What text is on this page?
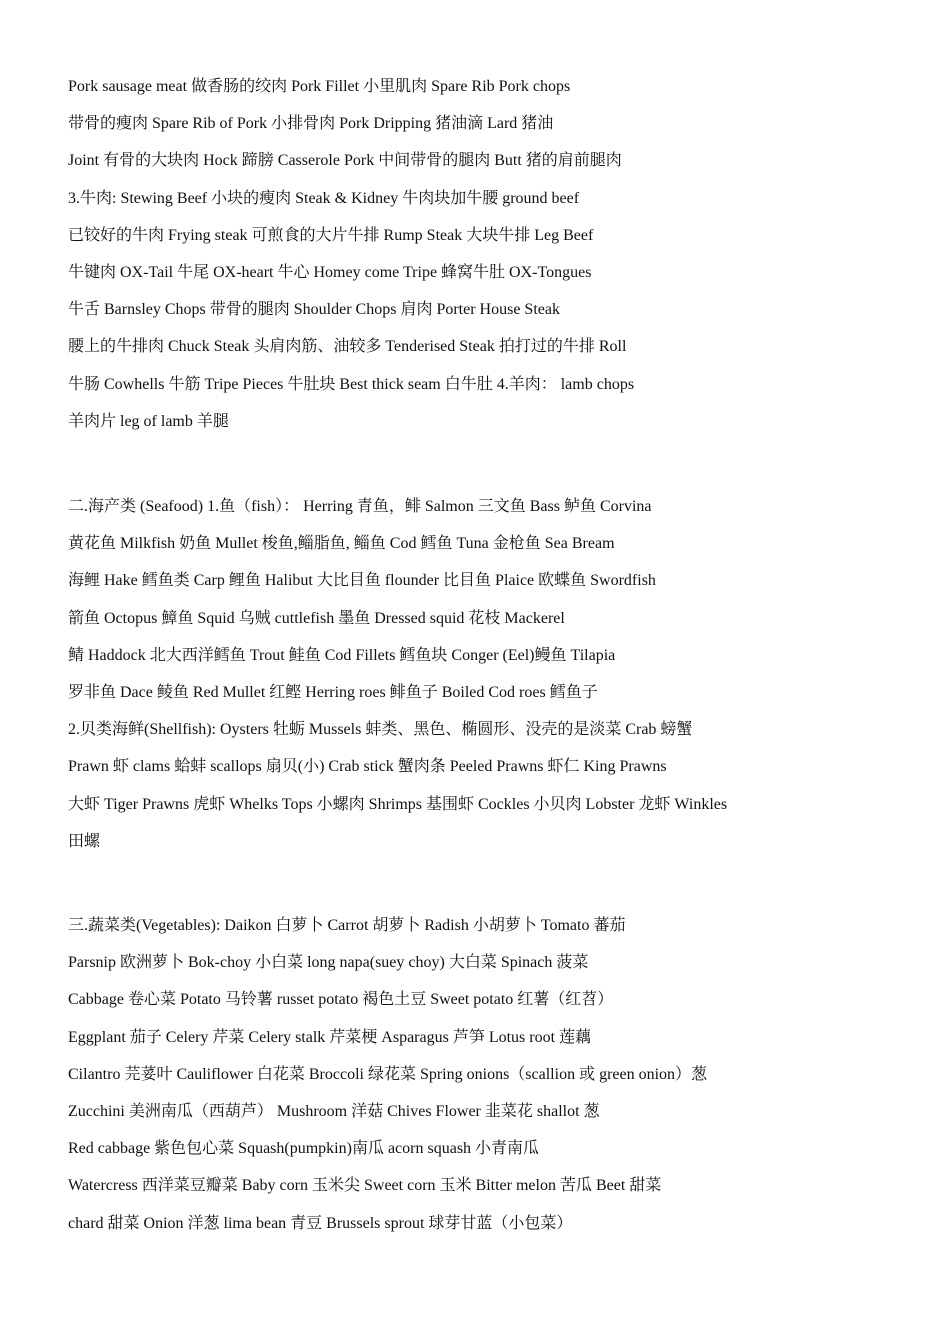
Pork sausage meat 做香肠的绞肉 Pork Fillet 小里肌肉 Spare Rib Pork chops
带骨的瘦肉 Spare Rib of Pork 小排骨肉 Pork Dripping 猪油滴 Lard 猪油
Joint 有骨的大块肉 Hock 蹄膀 Casserole Pork 中间带骨的腿肉 Butt 猪的肩前腿肉
3.牛肉: Stewing Beef 小块的瘦肉 Steak & Kidney 牛肉块加牛腰 ground beef
已铰好的牛肉 Frying steak 可煎食的大片牛排 Rump Steak 大块牛排 Leg Beef
牛键肉 OX-Tail 牛尾 OX-heart 牛心 Homey come Tripe 蜂窝牛肚 OX-Tongues
牛舌 Barnsley Chops 带骨的腿肉 Shoulder Chops 肩肉 Porter House Steak
腰上的牛排肉 Chuck Steak 头肩肉筋、油较多 Tenderised Steak 拍打过的牛排 Roll
牛肠 Cowhells 牛筋 Tripe Pieces 牛肚块 Best thick seam 白牛肚 4.羊肉： lamb chops
羊肉片 leg of lamb 羊腿
二.海产类 (Seafood) 1.鱼（fish）： Herring 青鱼，鲱 Salmon 三文鱼 Bass 鲈鱼 Corvina
黄花鱼 Milkfish 奶鱼 Mullet 梭鱼,鲻脂鱼, 鲻鱼 Cod 鳕鱼 Tuna 金枪鱼 Sea Bream
海鲤 Hake 鳕鱼类 Carp 鲤鱼 Halibut 大比目鱼 flounder 比目鱼 Plaice 欧蝶鱼 Swordfish
箭鱼 Octopus 鱆鱼 Squid 乌贼 cuttlefish 墨鱼 Dressed squid 花枝 Mackerel
鲭 Haddock 北大西洋鳕鱼 Trout 鲑鱼 Cod Fillets 鳕鱼块 Conger (Eel)鳗鱼 Tilapia
罗非鱼 Dace 鲮鱼 Red Mullet 红鲣 Herring roes 鲱鱼子 Boiled Cod roes 鳕鱼子
2.贝类海鲜(Shellfish): Oysters 牡蛎 Mussels 蚌类、黑色、椭圆形、没壳的是淡菜 Crab 螃蟹
Prawn 虾 clams 蛤蚌 scallops 扇贝(小) Crab stick 蟹肉条 Peeled Prawns 虾仁 King Prawns
大虾 Tiger Prawns 虎虾 Whelks Tops 小螺肉 Shrimps 基围虾 Cockles 小贝肉 Lobster 龙虾 Winkles
田螺
三.蔬菜类(Vegetables): Daikon 白萝卜 Carrot 胡萝卜 Radish 小胡萝卜 Tomato 蕃茄
Parsnip 欧洲萝卜 Bok-choy 小白菜 long napa(suey choy) 大白菜 Spinach 菠菜
Cabbage 卷心菜 Potato 马铃薯 russet potato 褐色土豆 Sweet potato 红薯（红苕）
Eggplant 茄子 Celery 芹菜 Celery stalk 芹菜梗 Asparagus 芦笋 Lotus root 莲藕
Cilantro 芫荽叶 Cauliflower 白花菜 Broccoli 绿花菜 Spring onions（scallion 或 green onion）葱
Zucchini 美洲南瓜（西葫芦） Mushroom 洋菇 Chives Flower 韭菜花 shallot 葱
Red cabbage 紫色包心菜 Squash(pumpkin)南瓜 acorn squash 小青南瓜
Watercress 西洋菜豆瓣菜 Baby corn 玉米尖 Sweet corn 玉米 Bitter melon 苦瓜 Beet 甜菜
chard 甜菜 Onion 洋葱 lima bean 青豆 Brussels sprout 球芽甘蓝（小包菜）
